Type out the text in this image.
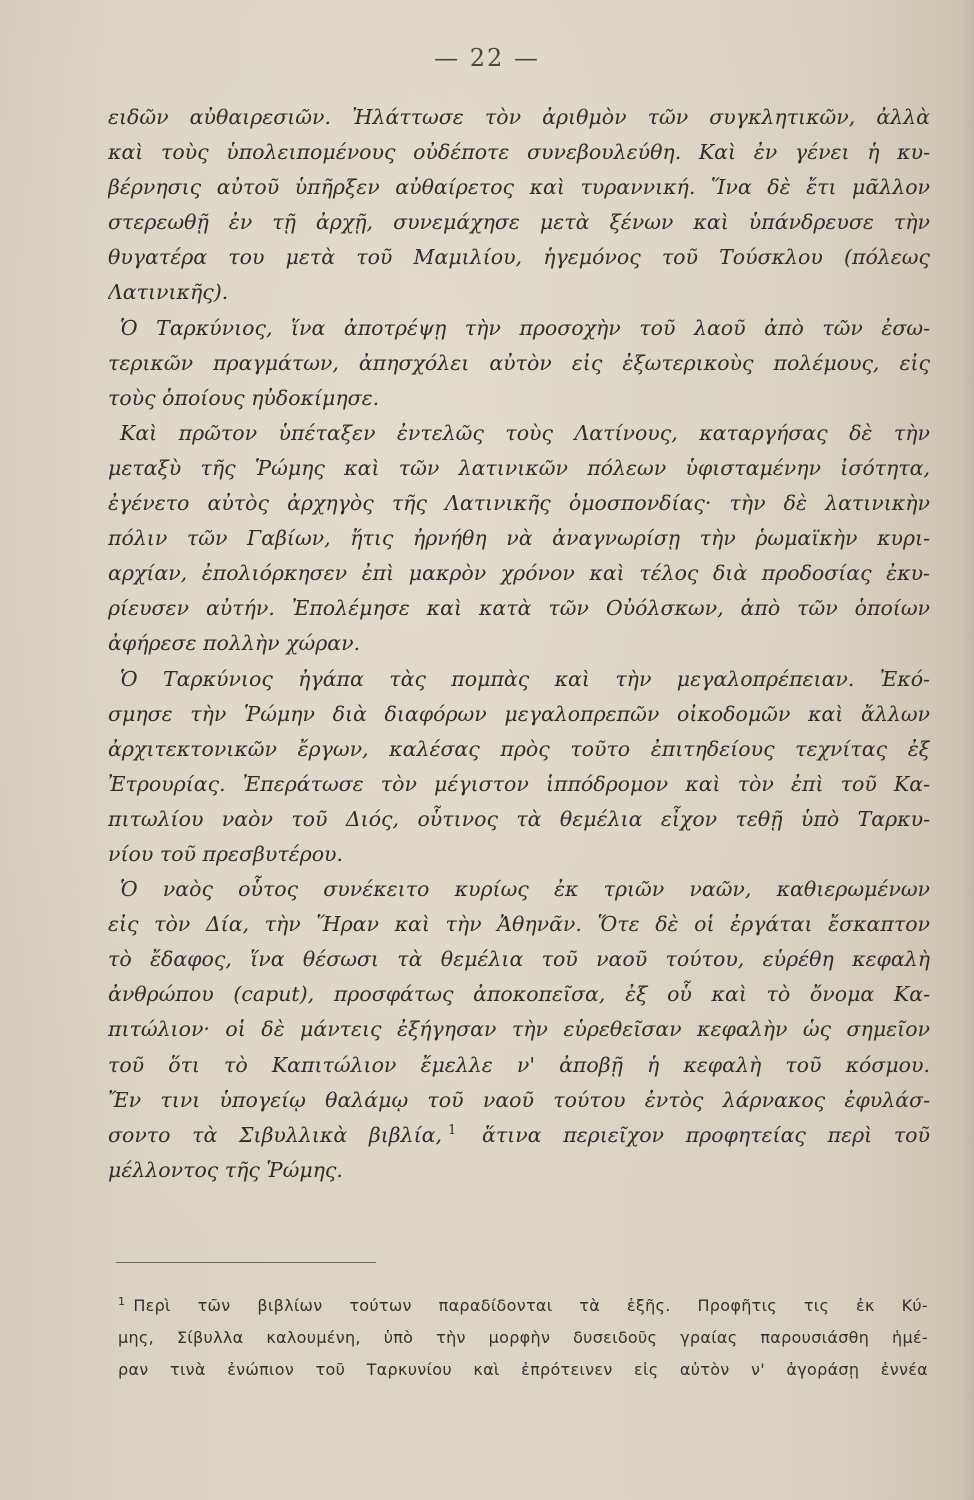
— 22 —
ειδῶν αὐθαιρεσιῶν. Ἠλάττωσε τὸν ἀριθμὸν τῶν συγκλητικῶν, ἀλλὰ
καὶ τοὺς ὑπολειπομένους οὐδέποτε συνεβουλεύθη. Καὶ ἐν γένει ἡ κυ-
βέρνησις αὐτοῦ ὑπῆρξεν αὐθαίρετος καὶ τυραννική. Ἵνα δὲ ἔτι μᾶλλον
στερεωθῇ ἐν τῇ ἀρχῇ, συνεμάχησε μετὰ ξένων καὶ ὑπάνδρευσε τὴν
θυγατέρα του μετὰ τοῦ Μαμιλίου, ἡγεμόνος τοῦ Τούσκλου (πόλεως
Λατινικῆς).
Ὁ Ταρκύνιος, ἵνα ἀποτρέψῃ τὴν προσοχὴν τοῦ λαοῦ ἀπὸ τῶν ἐσω-
τερικῶν πραγμάτων, ἀπησχόλει αὐτὸν εἰς ἐξωτερικοὺς πολέμους, εἰς
τοὺς ὁποίους ηὐδοκίμησε.
Καὶ πρῶτον ὑπέταξεν ἐντελῶς τοὺς Λατίνους, καταργήσας δὲ τὴν
μεταξὺ τῆς Ῥώμης καὶ τῶν λατινικῶν πόλεων ὑφισταμένην ἰσότητα,
ἐγένετο αὐτὸς ἀρχηγὸς τῆς Λατινικῆς ὁμοσπονδίας· τὴν δὲ λατινικὴν
πόλιν τῶν Γαβίων, ἥτις ἠρνήθη νὰ ἀναγνωρίσῃ τὴν ῥωμαϊκὴν κυρι-
αρχίαν, ἐπολιόρκησεν ἐπὶ μακρὸν χρόνον καὶ τέλος διὰ προδοσίας ἐκυ-
ρίευσεν αὐτήν. Ἐπολέμησε καὶ κατὰ τῶν Οὐόλσκων, ἀπὸ τῶν ὁποίων
ἀφήρεσε πολλὴν χώραν.
Ὁ Ταρκύνιος ἠγάπα τὰς πομπὰς καὶ τὴν μεγαλοπρέπειαν. Ἐκό-
σμησε τὴν Ῥώμην διὰ διαφόρων μεγαλοπρεπῶν οἰκοδομῶν καὶ ἄλλων
ἀρχιτεκτονικῶν ἔργων, καλέσας πρὸς τοῦτο ἐπιτηδείους τεχνίτας ἐξ
Ἐτρουρίας. Ἐπεράτωσε τὸν μέγιστον ἱππόδρομον καὶ τὸν ἐπὶ τοῦ Κα-
πιτωλίου ναὸν τοῦ Διός, οὗτινος τὰ θεμέλια εἶχον τεθῇ ὑπὸ Ταρκυ-
νίου τοῦ πρεσβυτέρου.
Ὁ ναὸς οὗτος συνέκειτο κυρίως ἐκ τριῶν ναῶν, καθιερωμένων
εἰς τὸν Δία, τὴν Ἥραν καὶ τὴν Ἀθηνᾶν. Ὅτε δὲ οἱ ἐργάται ἔσκαπτον
τὸ ἔδαφος, ἵνα θέσωσι τὰ θεμέλια τοῦ ναοῦ τούτου, εὑρέθη κεφαλὴ
ἀνθρώπου (caput), προσφάτως ἀποκοπεῖσα, ἐξ οὗ καὶ τὸ ὄνομα Κα-
πιτώλιον· οἱ δὲ μάντεις ἐξήγησαν τὴν εὑρεθεῖσαν κεφαλὴν ὡς σημεῖον
τοῦ ὅτι τὸ Καπιτώλιον ἔμελλε ν' ἀποβῇ ἡ κεφαλὴ τοῦ κόσμου.
Ἔν τινι ὑπογείῳ θαλάμῳ τοῦ ναοῦ τούτου ἐντὸς λάρνακος ἐφυλάσ-
σοντο τὰ Σιβυλλικὰ βιβλία, $^1$ ἅτινα περιεῖχον προφητείας περὶ τοῦ
μέλλοντος τῆς Ῥώμης.
$^1$ Περὶ τῶν βιβλίων τούτων παραδίδονται τὰ ἑξῆς. Προφῆτις τις ἐκ Κύ-
μης, Σίβυλλα καλουμένη, ὑπὸ τὴν μορφὴν δυσειδοῦς γραίας παρουσιάσθη ἡμέ-
ραν τινὰ ἐνώπιον τοῦ Ταρκυνίου καὶ ἐπρότεινεν εἰς αὐτὸν ν' ἀγοράσῃ ἐννέα
